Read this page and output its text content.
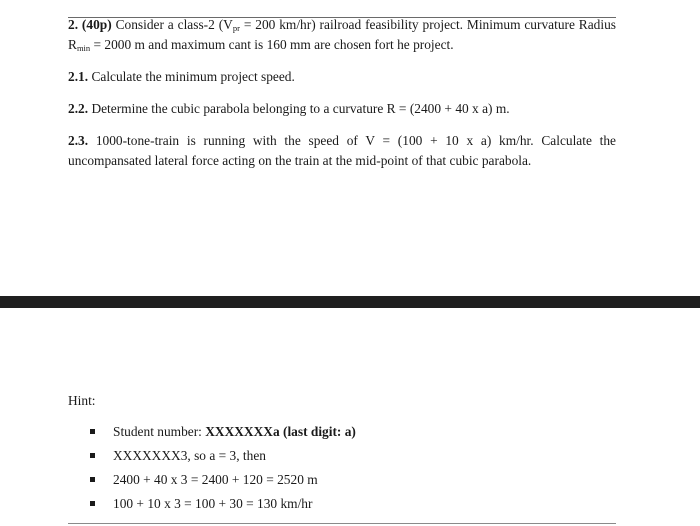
2. (40p) Consider a class-2 ($V_{pr} = 200$ km/hr) railroad feasibility project. Minimum curvature Radius $R_{min} = 2000$ m and maximum cant is 160 mm are chosen fort he project.

2.1. Calculate the minimum project speed.

2.2. Determine the cubic parabola belonging to a curvature R = (2400 + 40 x a) m.

2.3. 1000-tone-train is running with the speed of V = (100 + 10 x a) km/hr. Calculate the uncompansated lateral force acting on the train at the mid-point of that cubic parabola.

Hint:
Student number: XXXXXXXa (last digit: a)
XXXXXXX3, so a = 3, then
2400 + 40 x 3 = 2400 + 120 = 2520 m
100 + 10 x 3 = 100 + 30 = 130 km/hr
